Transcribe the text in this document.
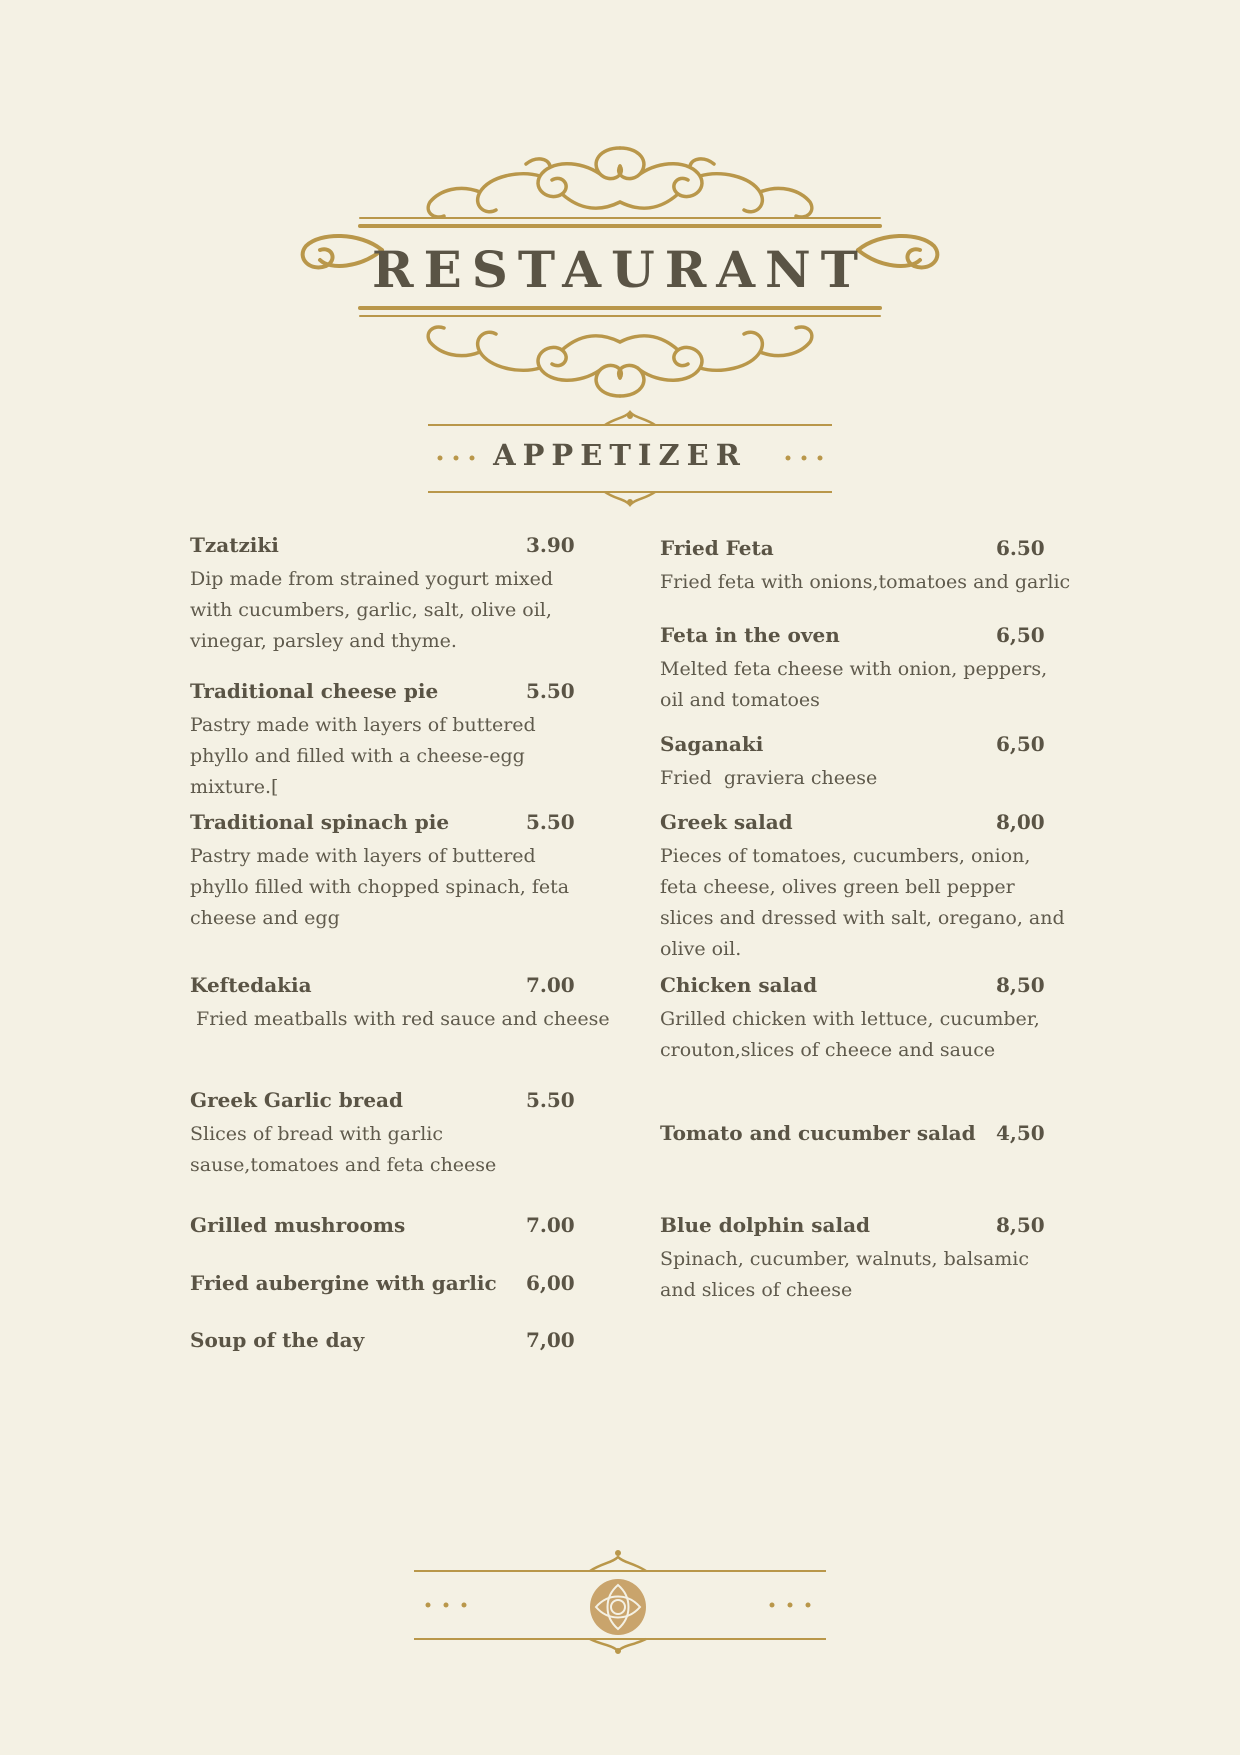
RESTAURANT
APPETIZER
Tzatziki	3.90
Dip made from strained yogurt mixed with cucumbers, garlic, salt, olive oil, vinegar, parsley and thyme.
Traditional cheese pie	5.50
Pastry made with layers of buttered phyllo and filled with a cheese-egg mixture.[
Traditional spinach pie	5.50
Pastry made with layers of buttered phyllo filled with chopped spinach, feta cheese and egg
Keftedakia	7.00
Fried meatballs with red sauce and cheese
Greek Garlic bread	5.50
Slices of bread with garlic sause,tomatoes and feta cheese
Grilled mushrooms	7.00
Fried aubergine with garlic 6,00
Soup of the day	7,00
Fried Feta	6.50
Fried feta with onions,tomatoes and garlic
Feta in the oven	6,50
Melted feta cheese with onion, peppers, oil and tomatoes
Saganaki	6,50
Fried  graviera cheese
Greek salad	8,00
Pieces of tomatoes, cucumbers, onion, feta cheese, olives green bell pepper slices and dressed with salt, oregano, and olive oil.
Chicken salad	8,50
Grilled chicken with lettuce, cucumber, crouton,slices of cheece and sauce
Tomato and cucumber salad 4,50
Blue dolphin salad	8,50
Spinach, cucumber, walnuts, balsamic and slices of cheese
